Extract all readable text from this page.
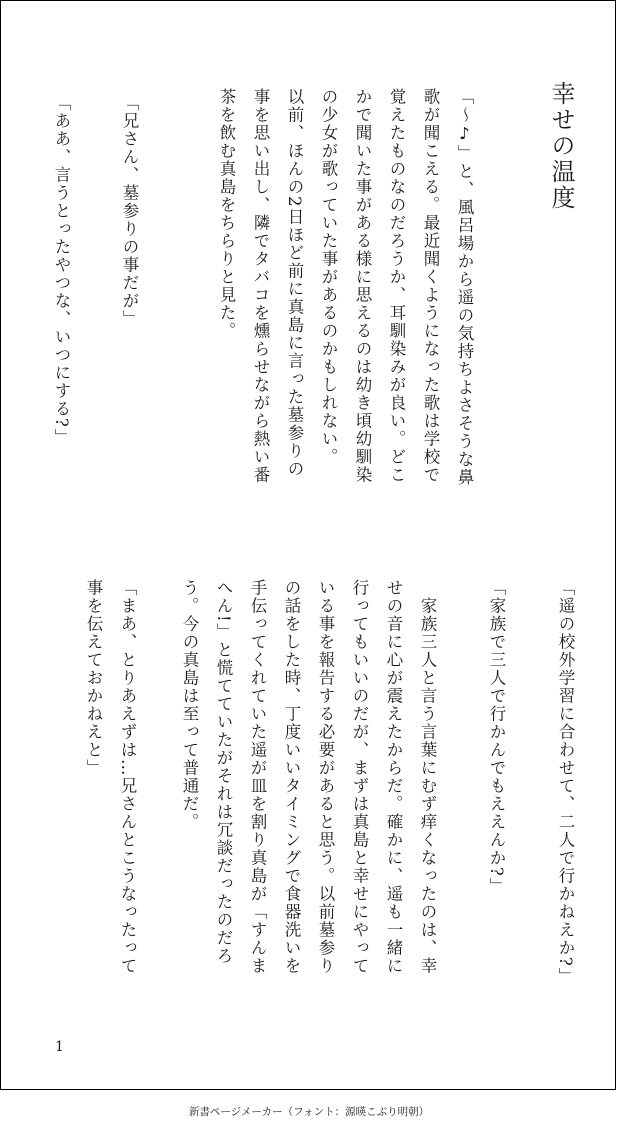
幸せの温度
「～♪」と、風呂場から遥の気持ちよさそうな鼻
歌が聞こえる。最近聞くようになった歌は学校で
覚えたものなのだろうか、耳馴染みが良い。どこ
かで聞いた事がある様に思えるのは幼き頃幼馴染
の少女が歌っていた事があるのかもしれない。
以前、ほんの2日ほど前に真島に言った墓参りの
事を思い出し、隣でタバコを燻らせながら熱い番
茶を飲む真島をちらりと見た。
「兄さん、墓参りの事だが」
「ああ、言うとったやつな、いつにする?」
「遥の校外学習に合わせて、二人で行かねえか?」
「家族で三人で行かんでもええんか?」
　家族三人と言う言葉にむず痒くなったのは、幸
せの音に心が震えたからだ。確かに、遥も一緒に
行ってもいいのだが、まずは真島と幸せにやって
いる事を報告する必要があると思う。以前墓参り
の話をした時、丁度いいタイミングで食器洗いを
手伝ってくれていた遥が皿を割り真島が「すんま
へん!」と慌てていたがそれは冗談だったのだろ
う。今の真島は至って普通だ。
「まあ、とりあえずは…兄さんとこうなったって
事を伝えておかねえと」
1
新書ページメーカー（フォント：源暎こぶり明朝）
